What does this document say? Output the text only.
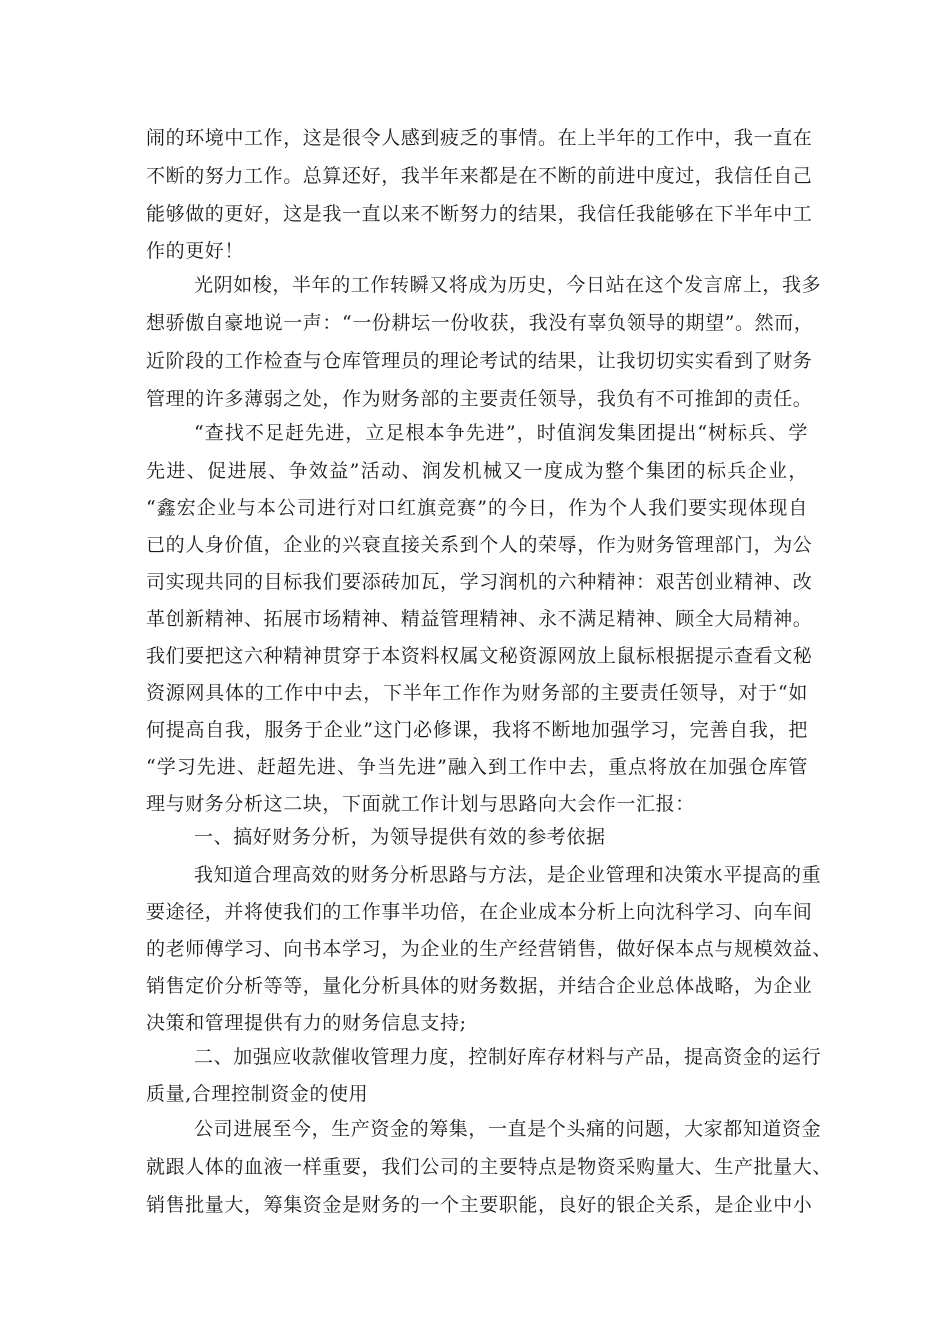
闹的环境中工作，这是很令人感到疲乏的事情。在上半年的工作中，我一直在
不断的努力工作。总算还好，我半年来都是在不断的前进中度过，我信任自己
能够做的更好，这是我一直以来不断努力的结果，我信任我能够在下半年中工
作的更好！
光阴如梭，半年的工作转瞬又将成为历史，今日站在这个发言席上，我多
想骄傲自豪地说一声：“一份耕坛一份收获，我没有辜负领导的期望”。然而，
近阶段的工作检查与仓库管理员的理论考试的结果，让我切切实实看到了财务
管理的许多薄弱之处，作为财务部的主要责任领导，我负有不可推卸的责任。
“查找不足赶先进，立足根本争先进”，时值润发集团提出“树标兵、学
先进、促进展、争效益”活动、润发机械又一度成为整个集团的标兵企业，
“鑫宏企业与本公司进行对口红旗竞赛”的今日，作为个人我们要实现体现自
已的人身价值，企业的兴衰直接关系到个人的荣辱，作为财务管理部门，为公
司实现共同的目标我们要添砖加瓦，学习润机的六种精神：艰苦创业精神、改
革创新精神、拓展市场精神、精益管理精神、永不满足精神、顾全大局精神。
我们要把这六种精神贯穿于本资料权属文秘资源网放上鼠标根据提示查看文秘
资源网具体的工作中中去，下半年工作作为财务部的主要责任领导，对于“如
何提高自我，服务于企业”这门必修课，我将不断地加强学习，完善自我，把
“学习先进、赶超先进、争当先进”融入到工作中去，重点将放在加强仓库管
理与财务分析这二块，下面就工作计划与思路向大会作一汇报：
一、搞好财务分析，为领导提供有效的参考依据
我知道合理高效的财务分析思路与方法，是企业管理和决策水平提高的重
要途径，并将使我们的工作事半功倍，在企业成本分析上向沈科学习、向车间
的老师傅学习、向书本学习，为企业的生产经营销售，做好保本点与规模效益、
销售定价分析等等，量化分析具体的财务数据，并结合企业总体战略，为企业
决策和管理提供有力的财务信息支持;
二、加强应收款催收管理力度，控制好库存材料与产品，提高资金的运行
质量,合理控制资金的使用
公司进展至今，生产资金的筹集，一直是个头痛的问题，大家都知道资金
就跟人体的血液一样重要，我们公司的主要特点是物资采购量大、生产批量大、
销售批量大，筹集资金是财务的一个主要职能，良好的银企关系，是企业中小
